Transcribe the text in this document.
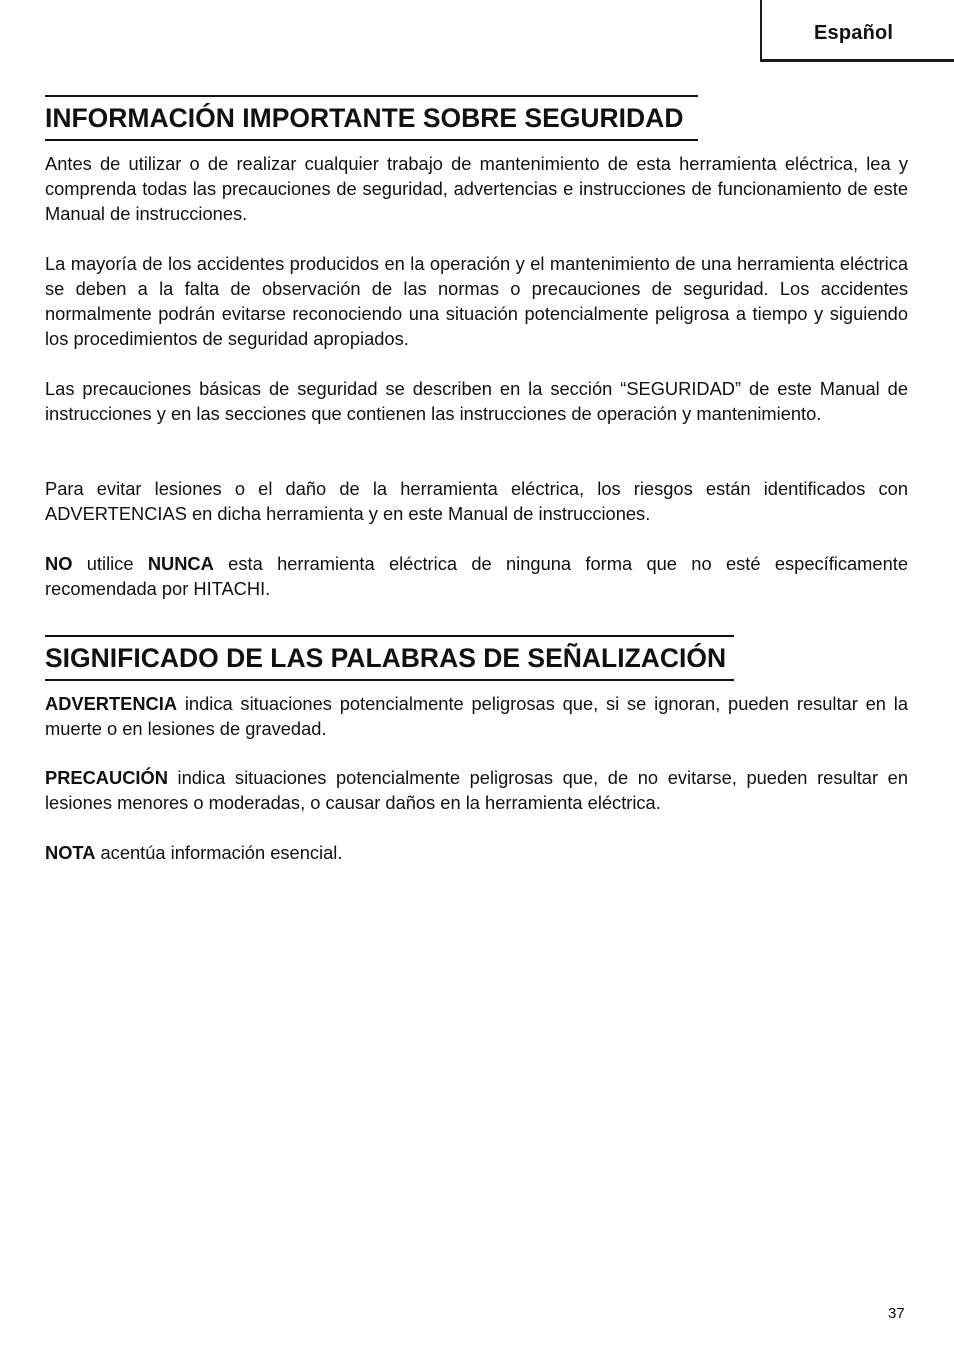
Español
INFORMACIÓN IMPORTANTE SOBRE SEGURIDAD

Antes de utilizar o de realizar cualquier trabajo de mantenimiento de esta herramienta eléctrica, lea y comprenda todas las precauciones de seguridad, advertencias e instrucciones de funcionamiento de este Manual de instrucciones.

La mayoría de los accidentes producidos en la operación y el mantenimiento de una herramienta eléctrica se deben a la falta de observación de las normas o precauciones de seguridad. Los accidentes normalmente podrán evitarse reconociendo una situación potencialmente peligrosa a tiempo y siguiendo los procedimientos de seguridad apropiados.

Las precauciones básicas de seguridad se describen en la sección “SEGURIDAD” de este Manual de instrucciones y en las secciones que contienen las instrucciones de operación y mantenimiento.

Para evitar lesiones o el daño de la herramienta eléctrica, los riesgos están identificados con ADVERTENCIAS en dicha herramienta y en este Manual de instrucciones.

NO utilice NUNCA esta herramienta eléctrica de ninguna forma que no esté específicamente recomendada por HITACHI.

SIGNIFICADO DE LAS PALABRAS DE SEÑALIZACIÓN

ADVERTENCIA indica situaciones potencialmente peligrosas que, si se ignoran, pueden resultar en la muerte o en lesiones de gravedad.

PRECAUCIÓN indica situaciones potencialmente peligrosas que, de no evitarse, pueden resultar en lesiones menores o moderadas, o causar daños en la herramienta eléctrica.

NOTA acentúa información esencial.

37
